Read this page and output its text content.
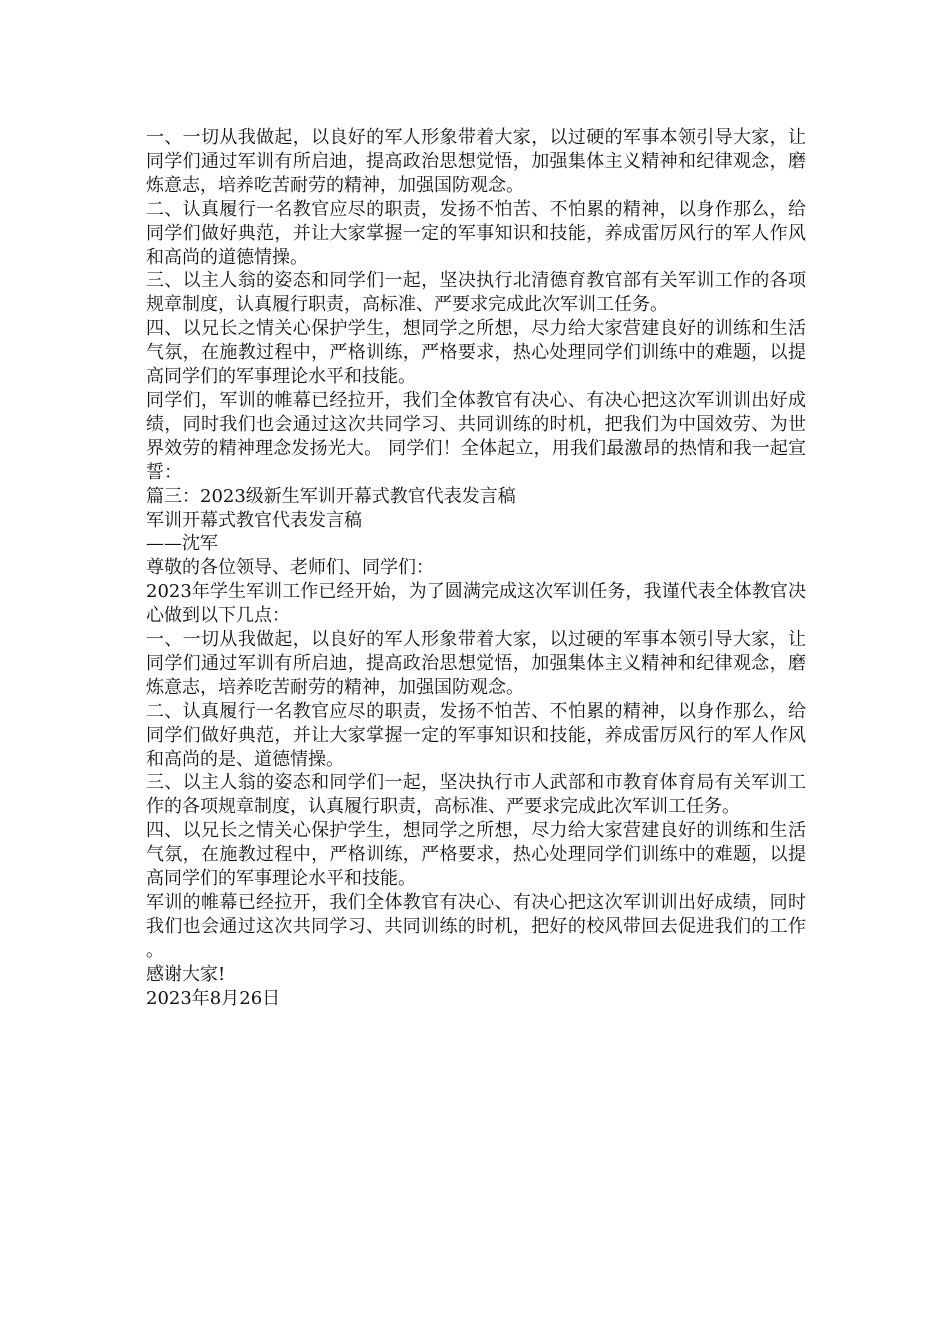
一、一切从我做起，以良好的军人形象带着大家，以过硬的军事本领引导大家，让同学们通过军训有所启迪，提高政治思想觉悟，加强集体主义精神和纪律观念，磨炼意志，培养吃苦耐劳的精神，加强国防观念。

二、认真履行一名教官应尽的职责，发扬不怕苦、不怕累的精神，以身作那么，给同学们做好典范，并让大家掌握一定的军事知识和技能，养成雷厉风行的军人作风和高尚的道德情操。

三、以主人翁的姿态和同学们一起，坚决执行北清德育教官部有关军训工作的各项规章制度，认真履行职责，高标准、严要求完成此次军训工任务。

四、以兄长之情关心保护学生，想同学之所想，尽力给大家营建良好的训练和生活气氛，在施教过程中，严格训练，严格要求，热心处理同学们训练中的难题，以提高同学们的军事理论水平和技能。

同学们，军训的帷幕已经拉开，我们全体教官有决心、有决心把这次军训训出好成绩，同时我们也会通过这次共同学习、共同训练的时机，把我们为中国效劳、为世界效劳的精神理念发扬光大。 同学们！全体起立，用我们最激昂的热情和我一起宣誓：

篇三：2023级新生军训开幕式教官代表发言稿

军训开幕式教官代表发言稿

——沈军

尊敬的各位领导、老师们、同学们：

2023年学生军训工作已经开始，为了圆满完成这次军训任务，我谨代表全体教官决心做到以下几点：

一、一切从我做起，以良好的军人形象带着大家，以过硬的军事本领引导大家，让同学们通过军训有所启迪，提高政治思想觉悟，加强集体主义精神和纪律观念，磨炼意志，培养吃苦耐劳的精神，加强国防观念。

二、认真履行一名教官应尽的职责，发扬不怕苦、不怕累的精神，以身作那么，给同学们做好典范，并让大家掌握一定的军事知识和技能，养成雷厉风行的军人作风和高尚的是、道德情操。

三、以主人翁的姿态和同学们一起，坚决执行市人武部和市教育体育局有关军训工作的各项规章制度，认真履行职责，高标准、严要求完成此次军训工任务。

四、以兄长之情关心保护学生，想同学之所想，尽力给大家营建良好的训练和生活气氛，在施教过程中，严格训练，严格要求，热心处理同学们训练中的难题，以提高同学们的军事理论水平和技能。

军训的帷幕已经拉开，我们全体教官有决心、有决心把这次军训训出好成绩，同时我们也会通过这次共同学习、共同训练的时机，把好的校风带回去促进我们的工作。

感谢大家!

2023年8月26日
